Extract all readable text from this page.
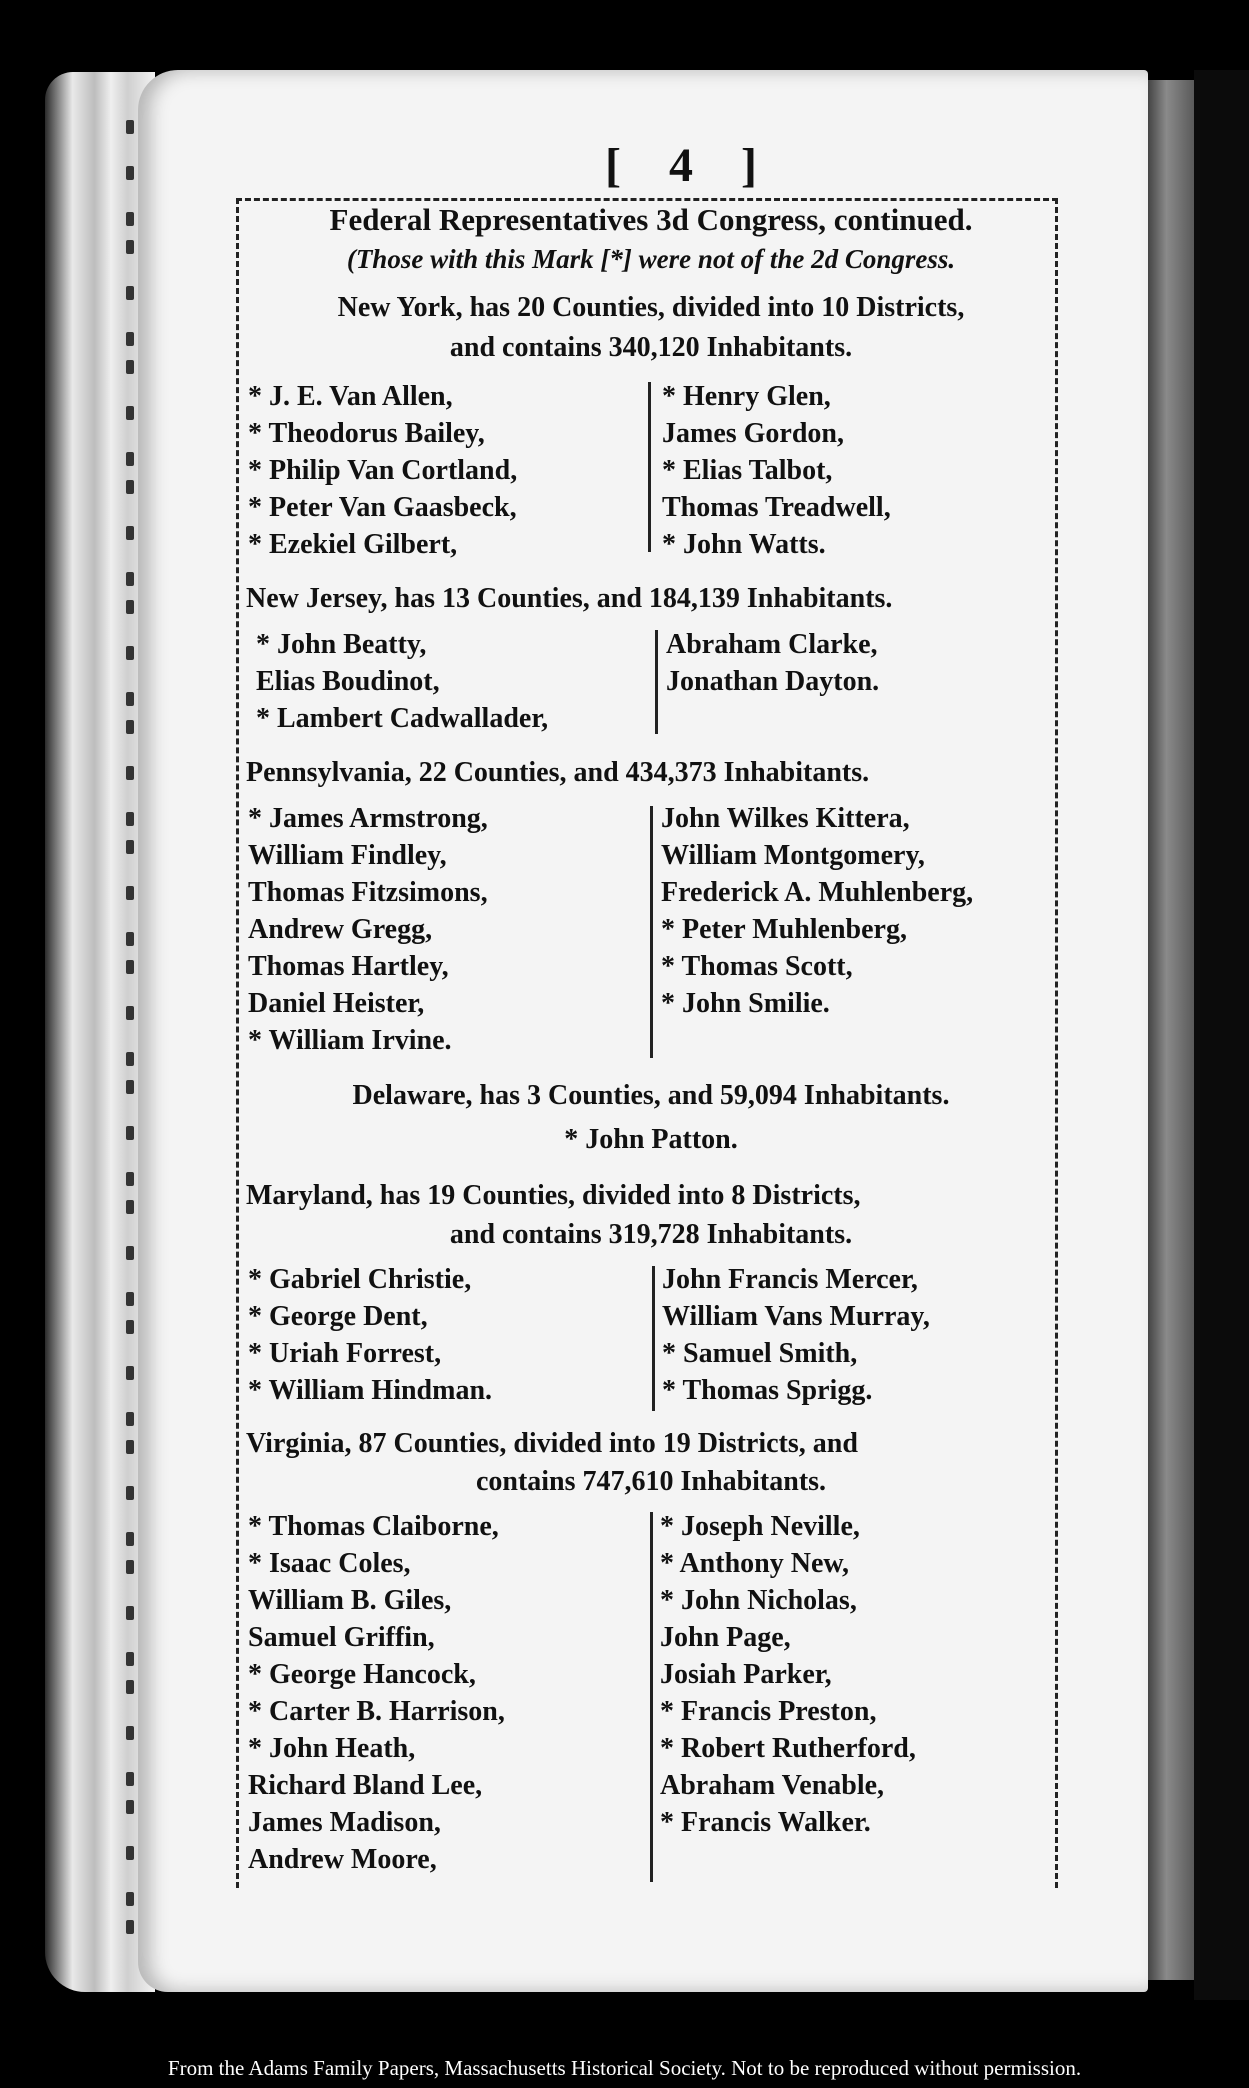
[ 4 ]
Federal Representatives 3d Congress, continued.
(Those with this Mark [*] were not of the 2d Congress.
New York, has 20 Counties, divided into 10 Districts,
and contains 340,120 Inhabitants.
* J. E. Van Allen,
* Theodorus Bailey,
* Philip Van Cortland,
* Peter Van Gaasbeck,
* Ezekiel Gilbert,
* Henry Glen,
James Gordon,
* Elias Talbot,
Thomas Treadwell,
* John Watts.
New Jersey, has 13 Counties, and 184,139 Inhabitants.
* John Beatty,
Elias Boudinot,
* Lambert Cadwallader,
Abraham Clarke,
Jonathan Dayton.
Pennsylvania, 22 Counties, and 434,373 Inhabitants.
* James Armstrong,
William Findley,
Thomas Fitzsimons,
Andrew Gregg,
Thomas Hartley,
Daniel Heister,
* William Irvine.
John Wilkes Kittera,
William Montgomery,
Frederick A. Muhlenberg,
* Peter Muhlenberg,
* Thomas Scott,
* John Smilie.
Delaware, has 3 Counties, and 59,094 Inhabitants.
* John Patton.
Maryland, has 19 Counties, divided into 8 Districts,
and contains 319,728 Inhabitants.
* Gabriel Christie,
* George Dent,
* Uriah Forrest,
* William Hindman.
John Francis Mercer,
William Vans Murray,
* Samuel Smith,
* Thomas Sprigg.
Virginia, 87 Counties, divided into 19 Districts, and
contains 747,610 Inhabitants.
* Thomas Claiborne,
* Isaac Coles,
William B. Giles,
Samuel Griffin,
* George Hancock,
* Carter B. Harrison,
* John Heath,
Richard Bland Lee,
James Madison,
Andrew Moore,
* Joseph Neville,
* Anthony New,
* John Nicholas,
John Page,
Josiah Parker,
* Francis Preston,
* Robert Rutherford,
Abraham Venable,
* Francis Walker.
From the Adams Family Papers, Massachusetts Historical Society. Not to be reproduced without permission.
